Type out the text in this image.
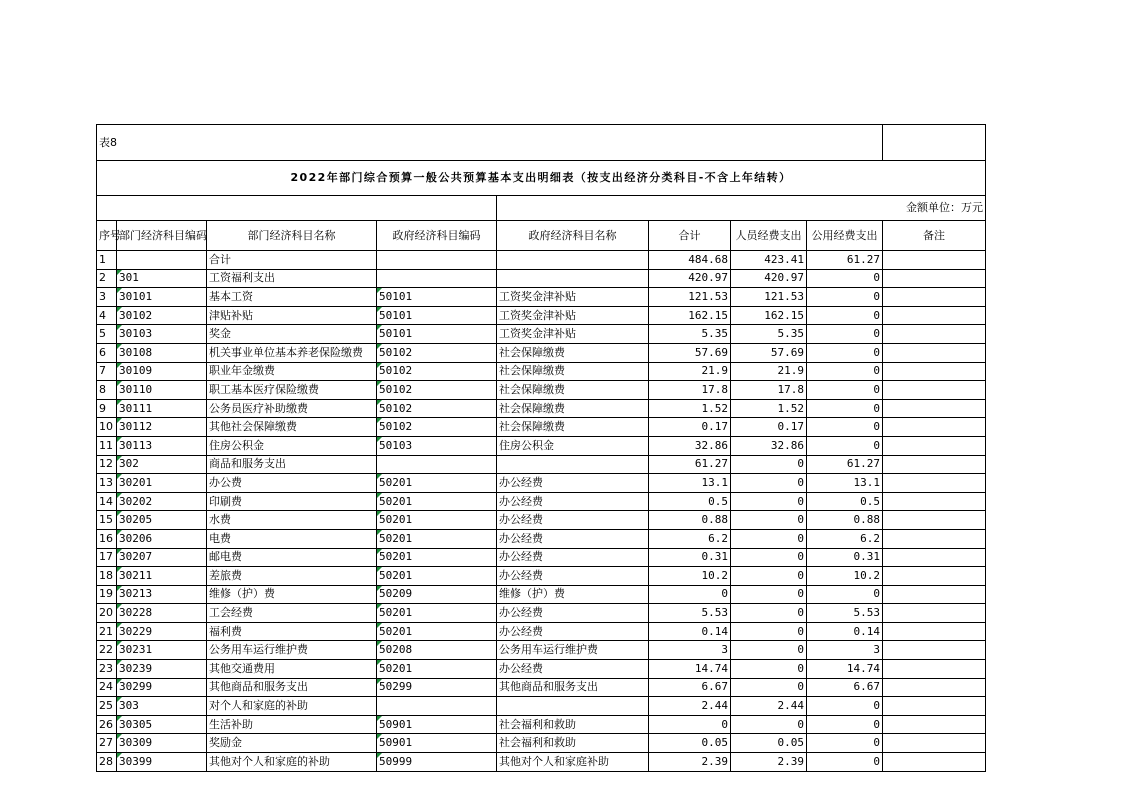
表8								
2022年部门综合预算一般公共预算基本支出明细表（按支出经济分类科目-不含上年结转）								
				金额单位：万元				
序号	部门经济科目编码	部门经济科目名称	政府经济科目编码	政府经济科目名称	合计	人员经费支出	公用经费支出	备注
1		合计			484.68	423.41	61.27	
2	301	工资福利支出			420.97	420.97	0	
3	30101	基本工资	50101	工资奖金津补贴	121.53	121.53	0	
4	30102	津贴补贴	50101	工资奖金津补贴	162.15	162.15	0	
5	30103	奖金	50101	工资奖金津补贴	5.35	5.35	0	
6	30108	机关事业单位基本养老保险缴费	50102	社会保障缴费	57.69	57.69	0	
7	30109	职业年金缴费	50102	社会保障缴费	21.9	21.9	0	
8	30110	职工基本医疗保险缴费	50102	社会保障缴费	17.8	17.8	0	
9	30111	公务员医疗补助缴费	50102	社会保障缴费	1.52	1.52	0	
10	30112	其他社会保障缴费	50102	社会保障缴费	0.17	0.17	0	
11	30113	住房公积金	50103	住房公积金	32.86	32.86	0	
12	302	商品和服务支出			61.27	0	61.27	
13	30201	办公费	50201	办公经费	13.1	0	13.1	
14	30202	印刷费	50201	办公经费	0.5	0	0.5	
15	30205	水费	50201	办公经费	0.88	0	0.88	
16	30206	电费	50201	办公经费	6.2	0	6.2	
17	30207	邮电费	50201	办公经费	0.31	0	0.31	
18	30211	差旅费	50201	办公经费	10.2	0	10.2	
19	30213	维修（护）费	50209	维修（护）费	0	0	0	
20	30228	工会经费	50201	办公经费	5.53	0	5.53	
21	30229	福利费	50201	办公经费	0.14	0	0.14	
22	30231	公务用车运行维护费	50208	公务用车运行维护费	3	0	3	
23	30239	其他交通费用	50201	办公经费	14.74	0	14.74	
24	30299	其他商品和服务支出	50299	其他商品和服务支出	6.67	0	6.67	
25	303	对个人和家庭的补助			2.44	2.44	0	
26	30305	生活补助	50901	社会福利和救助	0	0	0	
27	30309	奖励金	50901	社会福利和救助	0.05	0.05	0	
28	30399	其他对个人和家庭的补助	50999	其他对个人和家庭补助	2.39	2.39	0	
